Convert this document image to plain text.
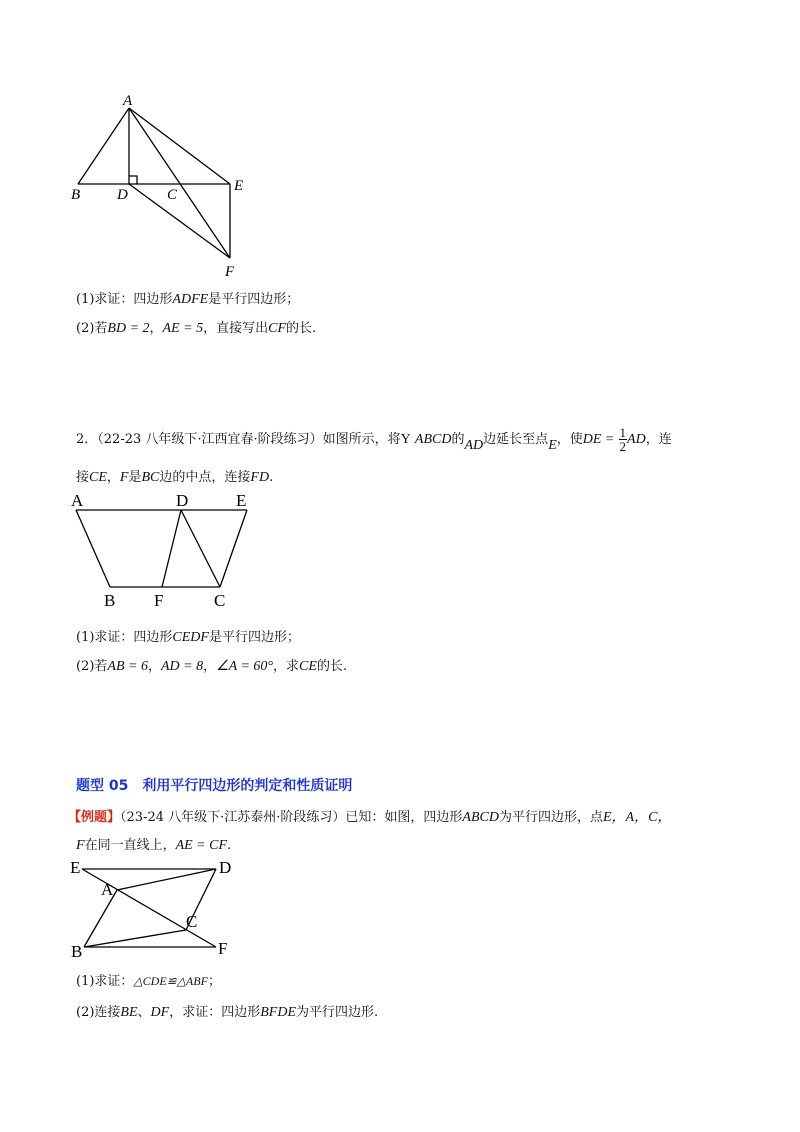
A
B D	C
E
F
(1)求证：四边形ADFE是平行四边形；
(2)若BD = 2，AE = 5，直接写出CF的长.
2．（22-23 八年级下·江西宜春·阶段练习）如图所示，将Y ABCD的AD边延长至点E，使DE = $\frac{1}{2}$ AD，连
接CE，F是BC边的中点，连接FD.
A	D	E
B F	C
(1)求证：四边形CEDF是平行四边形；
(2)若AB = 6，AD = 8，∠A = 60°，求CE的长.
题型 05　利用平行四边形的判定和性质证明
【例题】（23-24 八年级下·江苏泰州·阶段练习）已知：如图，四边形ABCD为平行四边形，点E，A，C，
F在同一直线上，AE = CF.
E	D
A
C
B	F
(1)求证：△CDE≌△ABF；
(2)连接BE、DF，求证：四边形BFDE为平行四边形.
